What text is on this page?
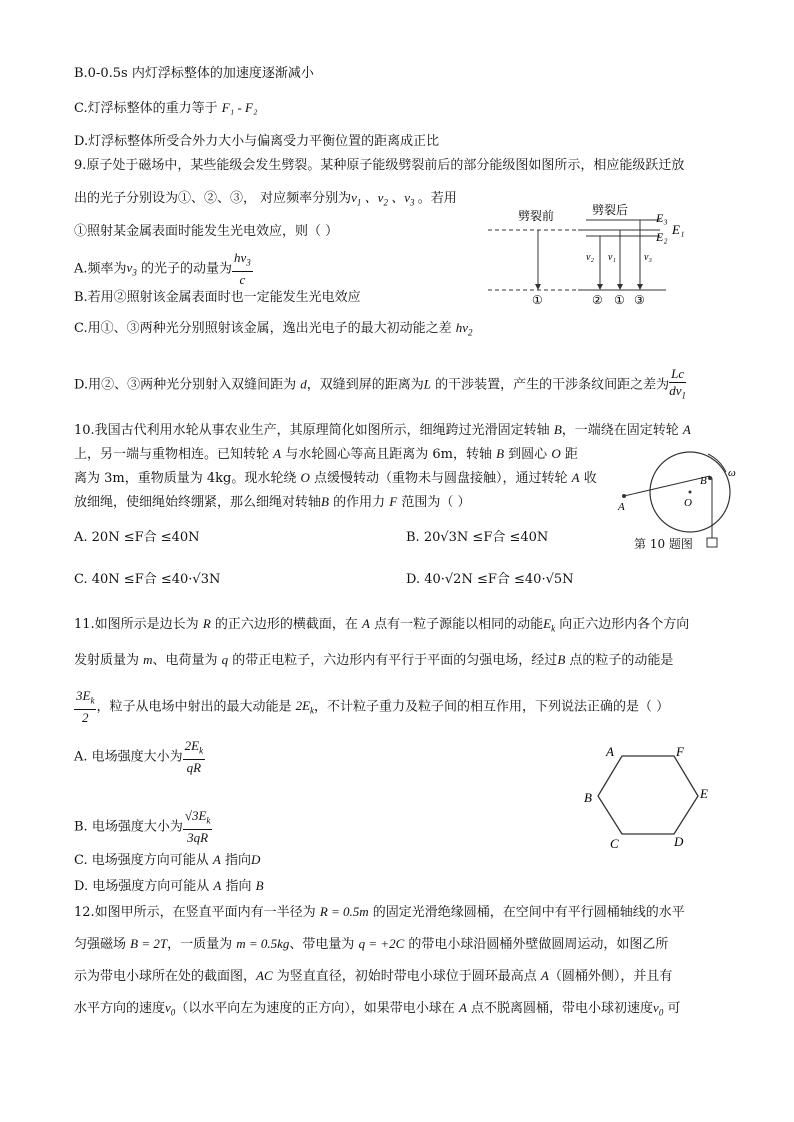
B.0-0.5s 内灯浮标整体的加速度逐渐减小
C.灯浮标整体的重力等于 F₁ - F₂
D.灯浮标整体所受合外力大小与偏离受力平衡位置的距离成正比
9.原子处于磁场中，某些能级会发生劈裂。某种原子能级劈裂前后的部分能级图如图所示，相应能级跃迁放
出的光子分别设为①、②、③， 对应频率分别为$v_1$ 、$v_2$ 、$v_3$ 。若用
①照射某金属表面时能发生光电效应，则（ ）
A.频率为$v_3$ 的光子的动量为 $\frac{hv_3}{c}$
B.若用②照射该金属表面时也一定能发生光电效应
C.用①、③两种光分别照射该金属，逸出光电子的最大初动能之差 $hv_2$
D.用②、③两种光分别射入双缝间距为 d，双缝到屏的距离为L 的干涉装置，产生的干涉条纹间距之差为 $\frac{Lc}{dv_1}$
劈裂前	劈裂后
E₃
E₂ E₁
v₂ v₁	v₃
①	② ① ③
10.我国古代利用水轮从事农业生产，其原理简化如图所示，细绳跨过光滑固定转轴 B，一端绕在固定转轮 A
上，另一端与重物相连。已知转轮 A 与水轮圆心等高且距离为 6m，转轴 B 到圆心 O 距
离为 3m，重物质量为 4kg。现水轮绕 O 点缓慢转动（重物未与圆盘接触），通过转轮 A 收
放细绳，使细绳始终绷紧，那么细绳对转轴B 的作用力 F 范围为（ ）
A. 20N ≤F合 ≤40N	B. 20√3N ≤F合 ≤40N
C. 40N ≤F合 ≤40·√3N	D. 40·√2N ≤F合 ≤40·√5N
A	O
B
ω
第 10 题图
11.如图所示是边长为 R 的正六边形的横截面，在 A 点有一粒子源能以相同的动能$E_k$ 向正六边形内各个方向
发射质量为 m、电荷量为 q 的带正电粒子，六边形内有平行于平面的匀强电场，经过B 点的粒子的动能是
$\frac{3E_k}{2}$ ，粒子从电场中射出的最大动能是 $2E_k$，不计粒子重力及粒子间的相互作用，下列说法正确的是（ ）
A. 电场强度大小为 $\frac{2E_k}{qR}$
B. 电场强度大小为 $\frac{√3E_k}{3qR}$
C. 电场强度方向可能从 A 指向D
D. 电场强度方向可能从 A 指向 B
A	F
B	E
C	D
12.如图甲所示，在竖直平面内有一半径为 R = 0.5m 的固定光滑绝缘圆桶，在空间中有平行圆桶轴线的水平
匀强磁场 B = 2T，一质量为 m = 0.5kg、带电量为 q = +2C 的带电小球沿圆桶外壁做圆周运动，如图乙所
示为带电小球所在处的截面图，AC 为竖直直径，初始时带电小球位于圆环最高点 A（圆桶外侧），并且有
水平方向的速度$v_0$（以水平向左为速度的正方向），如果带电小球在 A 点不脱离圆桶，带电小球初速度$v_0$ 可
